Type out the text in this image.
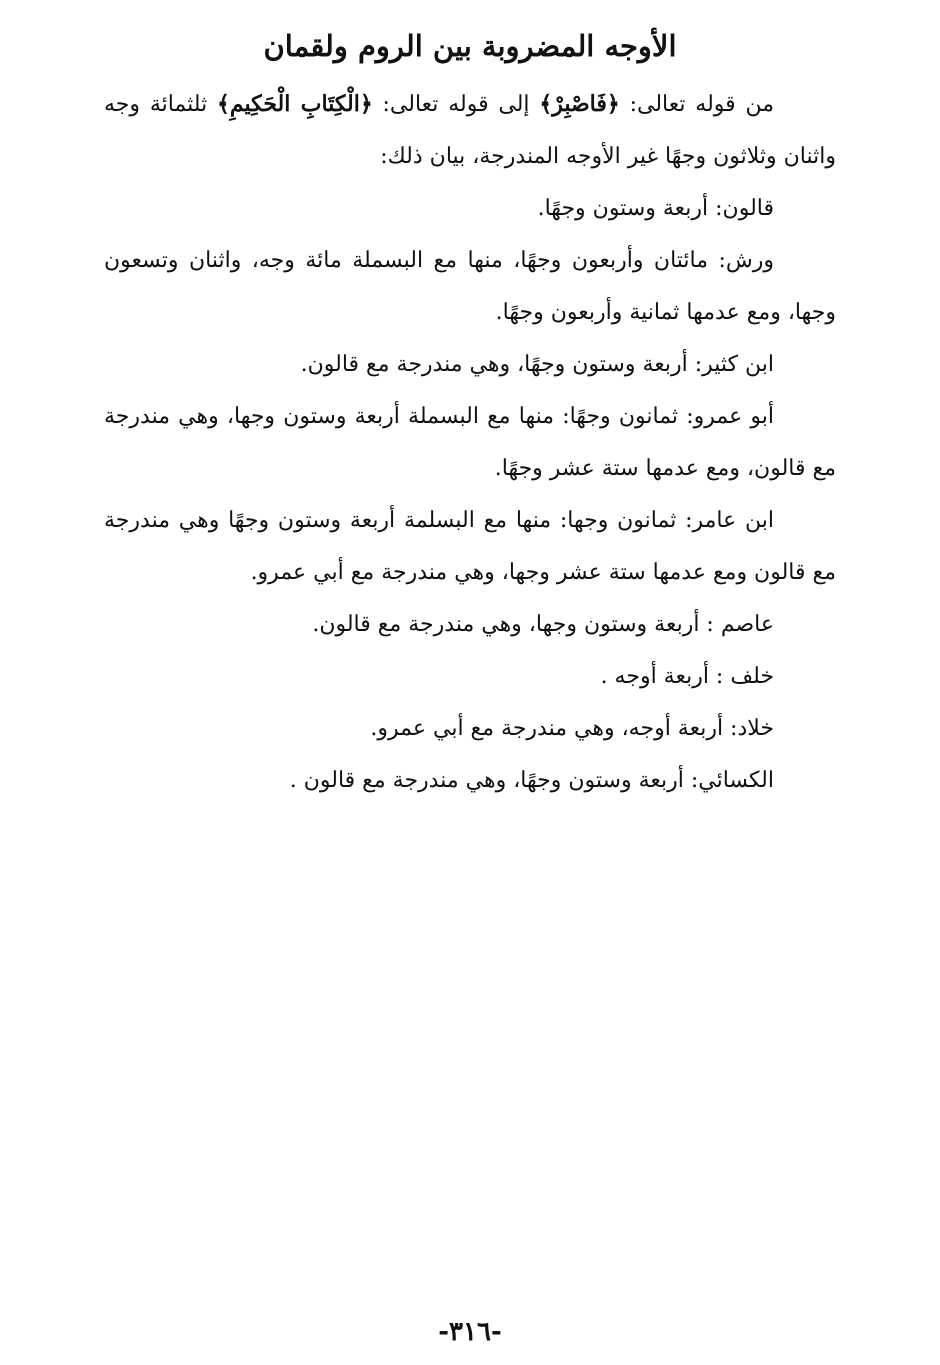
الأوجه المضروبة بين الروم ولقمان

من قوله تعالى: ﴿فَاصْبِرْ﴾ إلى قوله تعالى: ﴿الْكِتَابِ الْحَكِيمِ﴾ ثلثمائة وجه واثنان وثلاثون وجهًا غير الأوجه المندرجة، بيان ذلك:

قالون: أربعة وستون وجهًا.

ورش: مائتان وأربعون وجهًا، منها مع البسملة مائة وجه، واثنان وتسعون وجها، ومع عدمها ثمانية وأربعون وجهًا.

ابن كثير: أربعة وستون وجهًا، وهي مندرجة مع قالون.

أبو عمرو: ثمانون وجهًا: منها مع البسملة أربعة وستون وجها، وهي مندرجة مع قالون، ومع عدمها ستة عشر وجهًا.

ابن عامر: ثمانون وجها: منها مع البسلمة أربعة وستون وجهًا وهي مندرجة مع قالون ومع عدمها ستة عشر وجها، وهي مندرجة مع أبي عمرو.

عاصم : أربعة وستون وجها، وهي مندرجة مع قالون.

خلف : أربعة أوجه .

خلاد: أربعة أوجه، وهي مندرجة مع أبي عمرو.

الكسائي: أربعة وستون وجهًا، وهي مندرجة مع قالون .

-٣١٦-
